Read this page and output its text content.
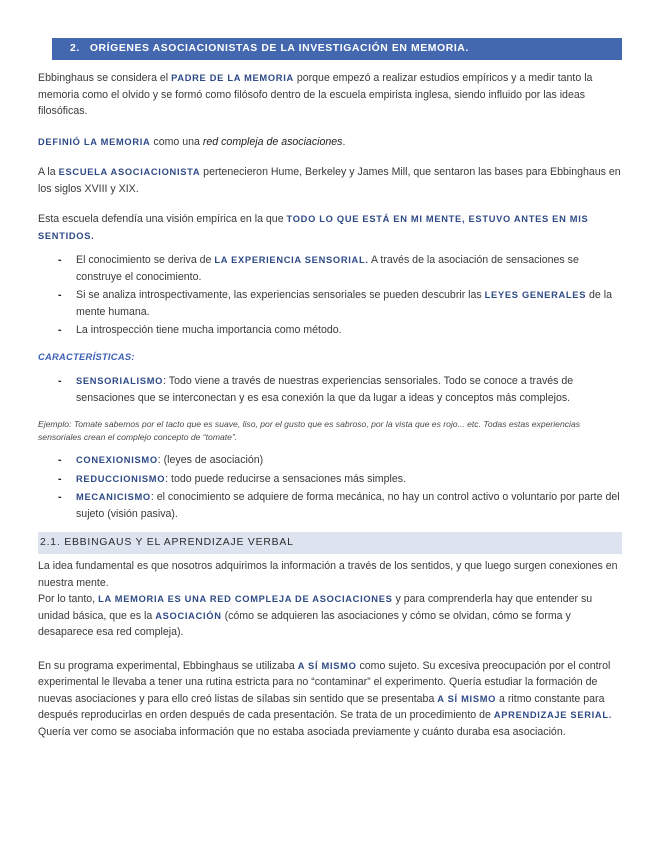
2. ORÍGENES ASOCIACIONISTAS DE LA INVESTIGACIÓN EN MEMORIA.

Ebbinghaus se considera el PADRE DE LA MEMORIA porque empezó a realizar estudios empíricos y a medir tanto la memoria como el olvido y se formó como filósofo dentro de la escuela empirista inglesa, siendo influido por las ideas filosóficas.

DEFINIÓ LA MEMORIA como una red compleja de asociaciones.

A la ESCUELA ASOCIACIONISTA pertenecieron Hume, Berkeley y James Mill, que sentaron las bases para Ebbinghaus en los siglos XVIII y XIX.

Esta escuela defendía una visión empírica en la que TODO LO QUE ESTÁ EN MI MENTE, ESTUVO ANTES EN MIS SENTIDOS.

- El conocimiento se deriva de LA EXPERIENCIA SENSORIAL. A través de la asociación de sensaciones se construye el conocimiento.
- Si se analiza introspectivamente, las experiencias sensoriales se pueden descubrir las LEYES GENERALES de la mente humana.
- La introspección tiene mucha importancia como método.

CARACTERÍSTICAS:

- SENSORIALISMO: Todo viene a través de nuestras experiencias sensoriales. Todo se conoce a través de sensaciones que se interconectan y es esa conexión la que da lugar a ideas y conceptos más complejos.

Ejemplo: Tomate sabemos por el tacto que es suave, liso, por el gusto que es sabroso, por la vista que es rojo... etc. Todas estas experiencias sensoriales crean el complejo concepto de “tomate”.

- CONEXIONISMO: (leyes de asociación)
- REDUCCIONISMO: todo puede reducirse a sensaciones más simples.
- MECANICISMO: el conocimiento se adquiere de forma mecánica, no hay un control activo o voluntario por parte del sujeto (visión pasiva).
2.1. EBBINGAUS Y EL APRENDIZAJE VERBAL

La idea fundamental es que nosotros adquirimos la información a través de los sentidos, y que luego surgen conexiones en nuestra mente.

Por lo tanto, LA MEMORIA ES UNA RED COMPLEJA DE ASOCIACIONES y para comprenderla hay que entender su unidad básica, que es la ASOCIACIÓN (cómo se adquieren las asociaciones y cómo se olvidan, cómo se forma y desaparece esa red compleja).

En su programa experimental, Ebbinghaus se utilizaba A SÍ MISMO como sujeto. Su excesiva preocupación por el control experimental le llevaba a tener una rutina estricta para no “contaminar” el experimento. Quería estudiar la formación de nuevas asociaciones y para ello creó listas de sílabas sin sentido que se presentaba A SÍ MISMO a ritmo constante para después reproducirlas en orden después de cada presentación. Se trata de un procedimiento de APRENDIZAJE SERIAL. Quería ver como se asociaba información que no estaba asociada previamente y cuánto duraba esa asociación.
